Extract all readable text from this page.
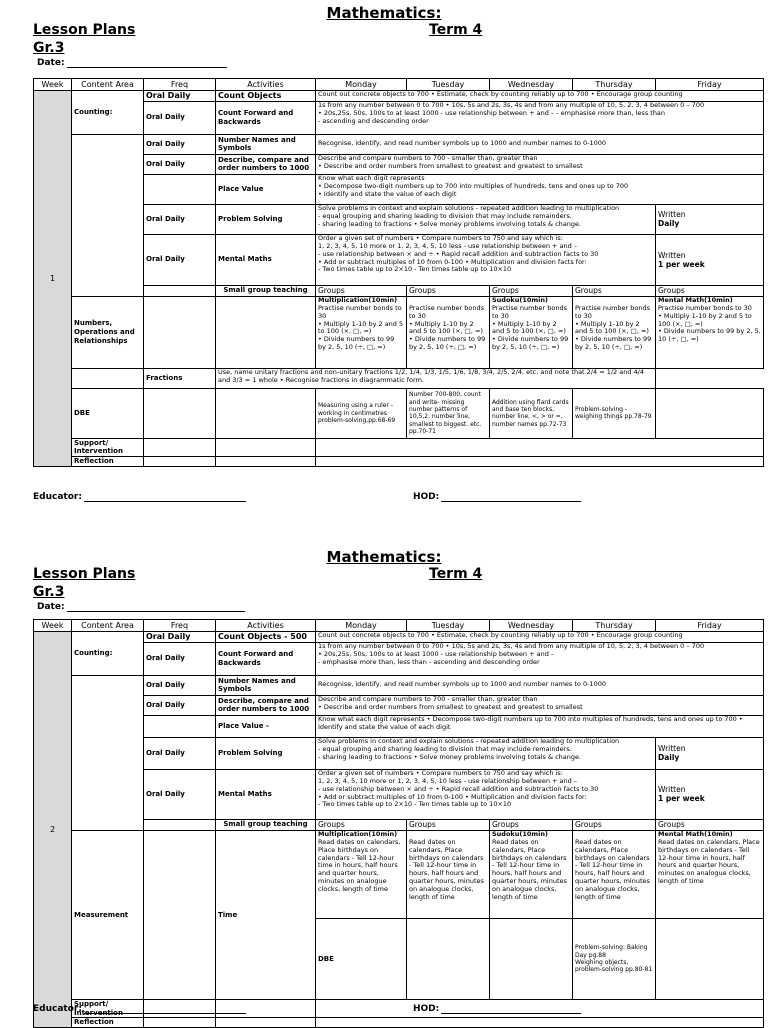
Mathematics:
Lesson Plans	Term 4
Gr.3
Date:
Week	Content Area	Freq	Activities	Monday	Tuesday	Wednesday	Thursday	Friday
1	Counting:	Oral Daily	Count Objects	Count out concrete objects to 700 • Estimate, check by counting reliably up to 700 • Encourage group counting				
		Oral Daily	Count Forward and Backwards	1s from any number between 0 to 700 • 10s, 5s and 2s, 3s, 4s and from any multiple of 10, 5, 2, 3, 4 between 0 – 700
• 20s,25s, 50s, 100s to at least 1000 - use relationship between + and – - emphasise more than, less than
- ascending and descending order				
		Oral Daily	Number Names and Symbols	Recognise, identify, and read number symbols up to 1000 and number names to 0-1000				
		Oral Daily	Describe, compare and order numbers to 1000	Describe and compare numbers to 700 - smaller than, greater than
• Describe and order numbers from smallest to greatest and greatest to smallest				
			Place Value	Know what each digit represents
• Decompose two-digit numbers up to 700 into multiples of hundreds, tens and ones up to 700
• Identify and state the value of each digit				
		Oral Daily	Problem Solving	Solve problems in context and explain solutions - repeated addition leading to multiplication
- equal grouping and sharing leading to division that may include remainders.
- sharing leading to fractions • Solve money problems involving totals & change.				Written
Daily
		Oral Daily	Mental Maths	Order a given set of numbers • Compare numbers to 750 and say which is:
1, 2, 3, 4, 5, 10 more or 1, 2, 3, 4, 5, 10 less - use relationship between + and –
- use relationship between × and ÷ • Rapid recall addition and subtraction facts to 30
• Add or subtract multiples of 10 from 0-100 • Multiplication and division facts for:
- Two times table up to 2×10 - Ten times table up to 10×10				Written
1 per week
			Small group teaching	Groups	Groups	Groups	Groups	Groups
	Numbers, Operations and Relationships			Multiplication(10min)
Practise number bonds to 30
• Multiply 1-10 by 2 and 5 to 100 (×, □, =)
• Divide numbers to 99 by 2, 5, 10 (÷, □, =)	Practise number bonds to 30
• Multiply 1-10 by 2 and 5 to 100 (×, □, =)
• Divide numbers to 99 by 2, 5, 10 (÷, □, =)	Sudoku(10min)
Practise number bonds to 30
• Multiply 1-10 by 2 and 5 to 100 (×, □, =)
• Divide numbers to 99 by 2, 5, 10 (÷, □, =)	Practise number bonds to 30
• Multiply 1-10 by 2 and 5 to 100 (×, □, =)
• Divide numbers to 99 by 2, 5, 10 (÷, □, =)	Mental Math(10min)
Practise number bonds to 30
• Multiply 1-10 by 2 and 5 to 100 (×, □, =)
• Divide numbers to 99 by 2, 5, 10 (÷, □, =)
		Fractions	Use, name unitary fractions and non-unitary fractions 1/2, 1/4, 1/3, 1/5, 1/6, 1/8, 3/4, 2/5, 2/4, etc. and note that 2/4 = 1/2 and 4/4 and 3/3 = 1 whole • Recognise fractions in diagrammatic form.					
	DBE			Measuring using a ruler - working in centimetres problem-solving,pp.68-69	Number 700-800, count and write- missing number patterns of 10,5,2, number line, smallest to biggest. etc. pp.70-71	Addition using flard cards and base ten blocks, number line, <, > or =, number names pp.72-73	Problem-solving - weighing things pp.78-79	
	Support/ Intervention							
	Reflection							
Educator:	HOD:
Mathematics:
Lesson Plans	Term 4
Gr.3
Date:
Week	Content Area	Freq	Activities	Monday	Tuesday	Wednesday	Thursday	Friday	
2	Counting:	Oral Daily	Count Objects - 500	Count out concrete objects to 700 • Estimate, check by counting reliably up to 700 • Encourage group counting					
		Oral Daily	Count Forward and Backwards	1s from any number between 0 to 700 • 10s, 5s and 2s, 3s, 4s and from any multiple of 10, 5, 2, 3, 4 between 0 – 700
• 20s,25s, 50s, 100s to at least 1000 - use relationship between + and –
- emphasise more than, less than - ascending and descending order					
		Oral Daily	Number Names and Symbols	Recognise, identify, and read number symbols up to 1000 and number names to 0-1000					
		Oral Daily	Describe, compare and order numbers to 1000	Describe and compare numbers to 700 - smaller than, greater than
• Describe and order numbers from smallest to greatest and greatest to smallest					
			Place Value -	Know what each digit represents • Decompose two-digit numbers up to 700 into multiples of hundreds, tens and ones up to 700 • Identify and state the value of each digit					
		Oral Daily	Problem Solving	Solve problems in context and explain solutions - repeated addition leading to multiplication
- equal grouping and sharing leading to division that may include remainders.
- sharing leading to fractions • Solve money problems involving totals & change.				Written
Daily	
		Oral Daily	Mental Maths	Order a given set of numbers • Compare numbers to 750 and say which is:
1, 2, 3, 4, 5, 10 more or 1, 2, 3, 4, 5, 10 less - use relationship between + and –
- use relationship between × and ÷ • Rapid recall addition and subtraction facts to 30
• Add or subtract multiples of 10 from 0-100 • Multiplication and division facts for:
- Two times table up to 2×10 - Ten times table up to 10×10				Written
1 per week	
			Small group teaching	Groups	Groups	Groups	Groups	Groups	
	Measurement		Time	Multiplication(10min)
Read dates on calendars, Place birthdays on calendars - Tell 12-hour time in hours, half hours and quarter hours, minutes on analogue clocks, length of time	Read dates on calendars, Place birthdays on calendars - Tell 12-hour time in hours, half hours and quarter hours, minutes on analogue clocks, length of time	Sudoku(10min)
Read dates on calendars, Place birthdays on calendars - Tell 12-hour time in hours, half hours and quarter hours, minutes on analogue clocks, length of time	Read dates on calendars, Place birthdays on calendars - Tell 12-hour time in hours, half hours and quarter hours, minutes on analogue clocks, length of time	Mental Math(10min)
Read dates on calendars, Place birthdays on calendars - Tell 12-hour time in hours, half hours and quarter hours, minutes on analogue clocks, length of time	
				DBE			Problem-solving: Baking Day pg.88
Weighing objects, problem-solving pp.80-81				
	Support/ Intervention								
	Reflection								
Educator:	HOD:
